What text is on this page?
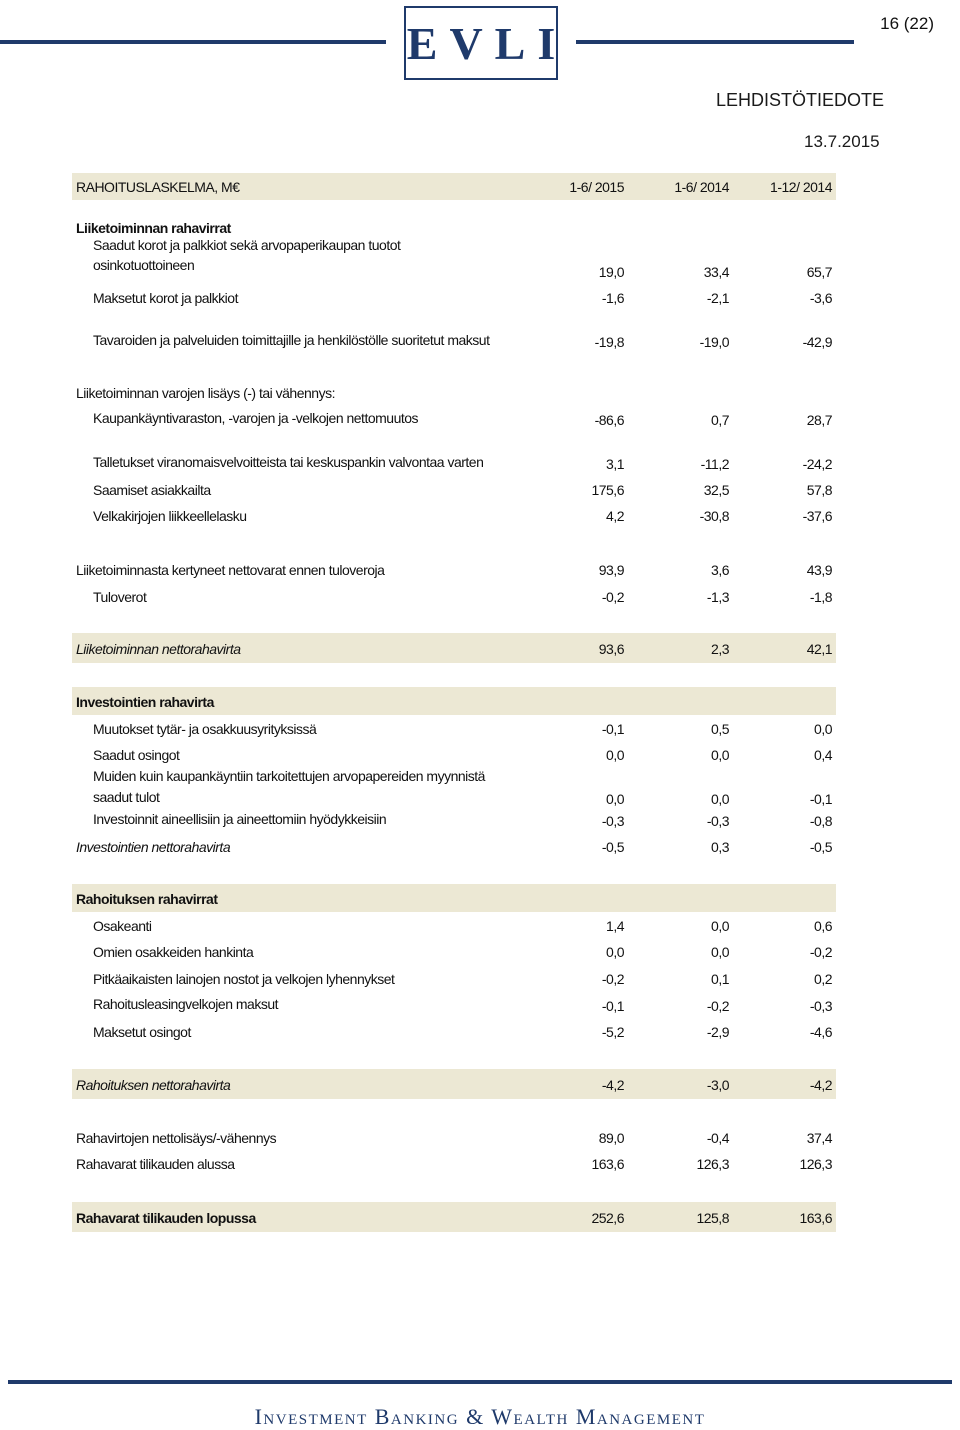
EVLI	16 (22)
LEHDISTÖTIEDOTE
13.7.2015
RAHOITUSLASKELMA, M€	1-6/ 2015	1-6/ 2014	1-12/ 2014
Liiketoiminnan rahavirrat
Saadut korot ja palkkiot sekä arvopaperikaupan tuotot
osinkotuottoineen	19,0	33,4	65,7
Maksetut korot ja palkkiot	-1,6	-2,1	-3,6
Tavaroiden ja palveluiden toimittajille ja henkilöstölle suoritetut maksut	-19,8	-19,0	-42,9
Liiketoiminnan varojen lisäys (-) tai vähennys:
Kaupankäyntivaraston, -varojen ja -velkojen nettomuutos	-86,6	0,7	28,7
Talletukset viranomaisvelvoitteista tai keskuspankin valvontaa varten	3,1	-11,2	-24,2
Saamiset asiakkailta	175,6	32,5	57,8
Velkakirjojen liikkeellelasku	4,2	-30,8	-37,6
Liiketoiminnasta kertyneet nettovarat ennen tuloveroja	93,9	3,6	43,9
Tuloverot	-0,2	-1,3	-1,8
Liiketoiminnan nettorahavirta	93,6	2,3	42,1
Investointien rahavirta
Muutokset tytär- ja osakkuusyrityksissä	-0,1	0,5	0,0
Saadut osingot	0,0	0,0	0,4
Muiden kuin kaupankäyntiin tarkoitettujen arvopapereiden myynnistä
saadut tulot	0,0	0,0	-0,1
Investoinnit aineellisiin ja aineettomiin hyödykkeisiin	-0,3	-0,3	-0,8
Investointien nettorahavirta	-0,5	0,3	-0,5
Rahoituksen rahavirrat
Osakeanti	1,4	0,0	0,6
Omien osakkeiden hankinta	0,0	0,0	-0,2
Pitkäaikaisten lainojen nostot ja velkojen lyhennykset	-0,2	0,1	0,2
Rahoitusleasingvelkojen maksut	-0,1	-0,2	-0,3
Maksetut osingot	-5,2	-2,9	-4,6
Rahoituksen nettorahavirta	-4,2	-3,0	-4,2
Rahavirtojen nettolisäys/-vähennys	89,0	-0,4	37,4
Rahavarat tilikauden alussa	163,6	126,3	126,3
Rahavarat tilikauden lopussa	252,6	125,8	163,6
Investment Banking & Wealth Management
